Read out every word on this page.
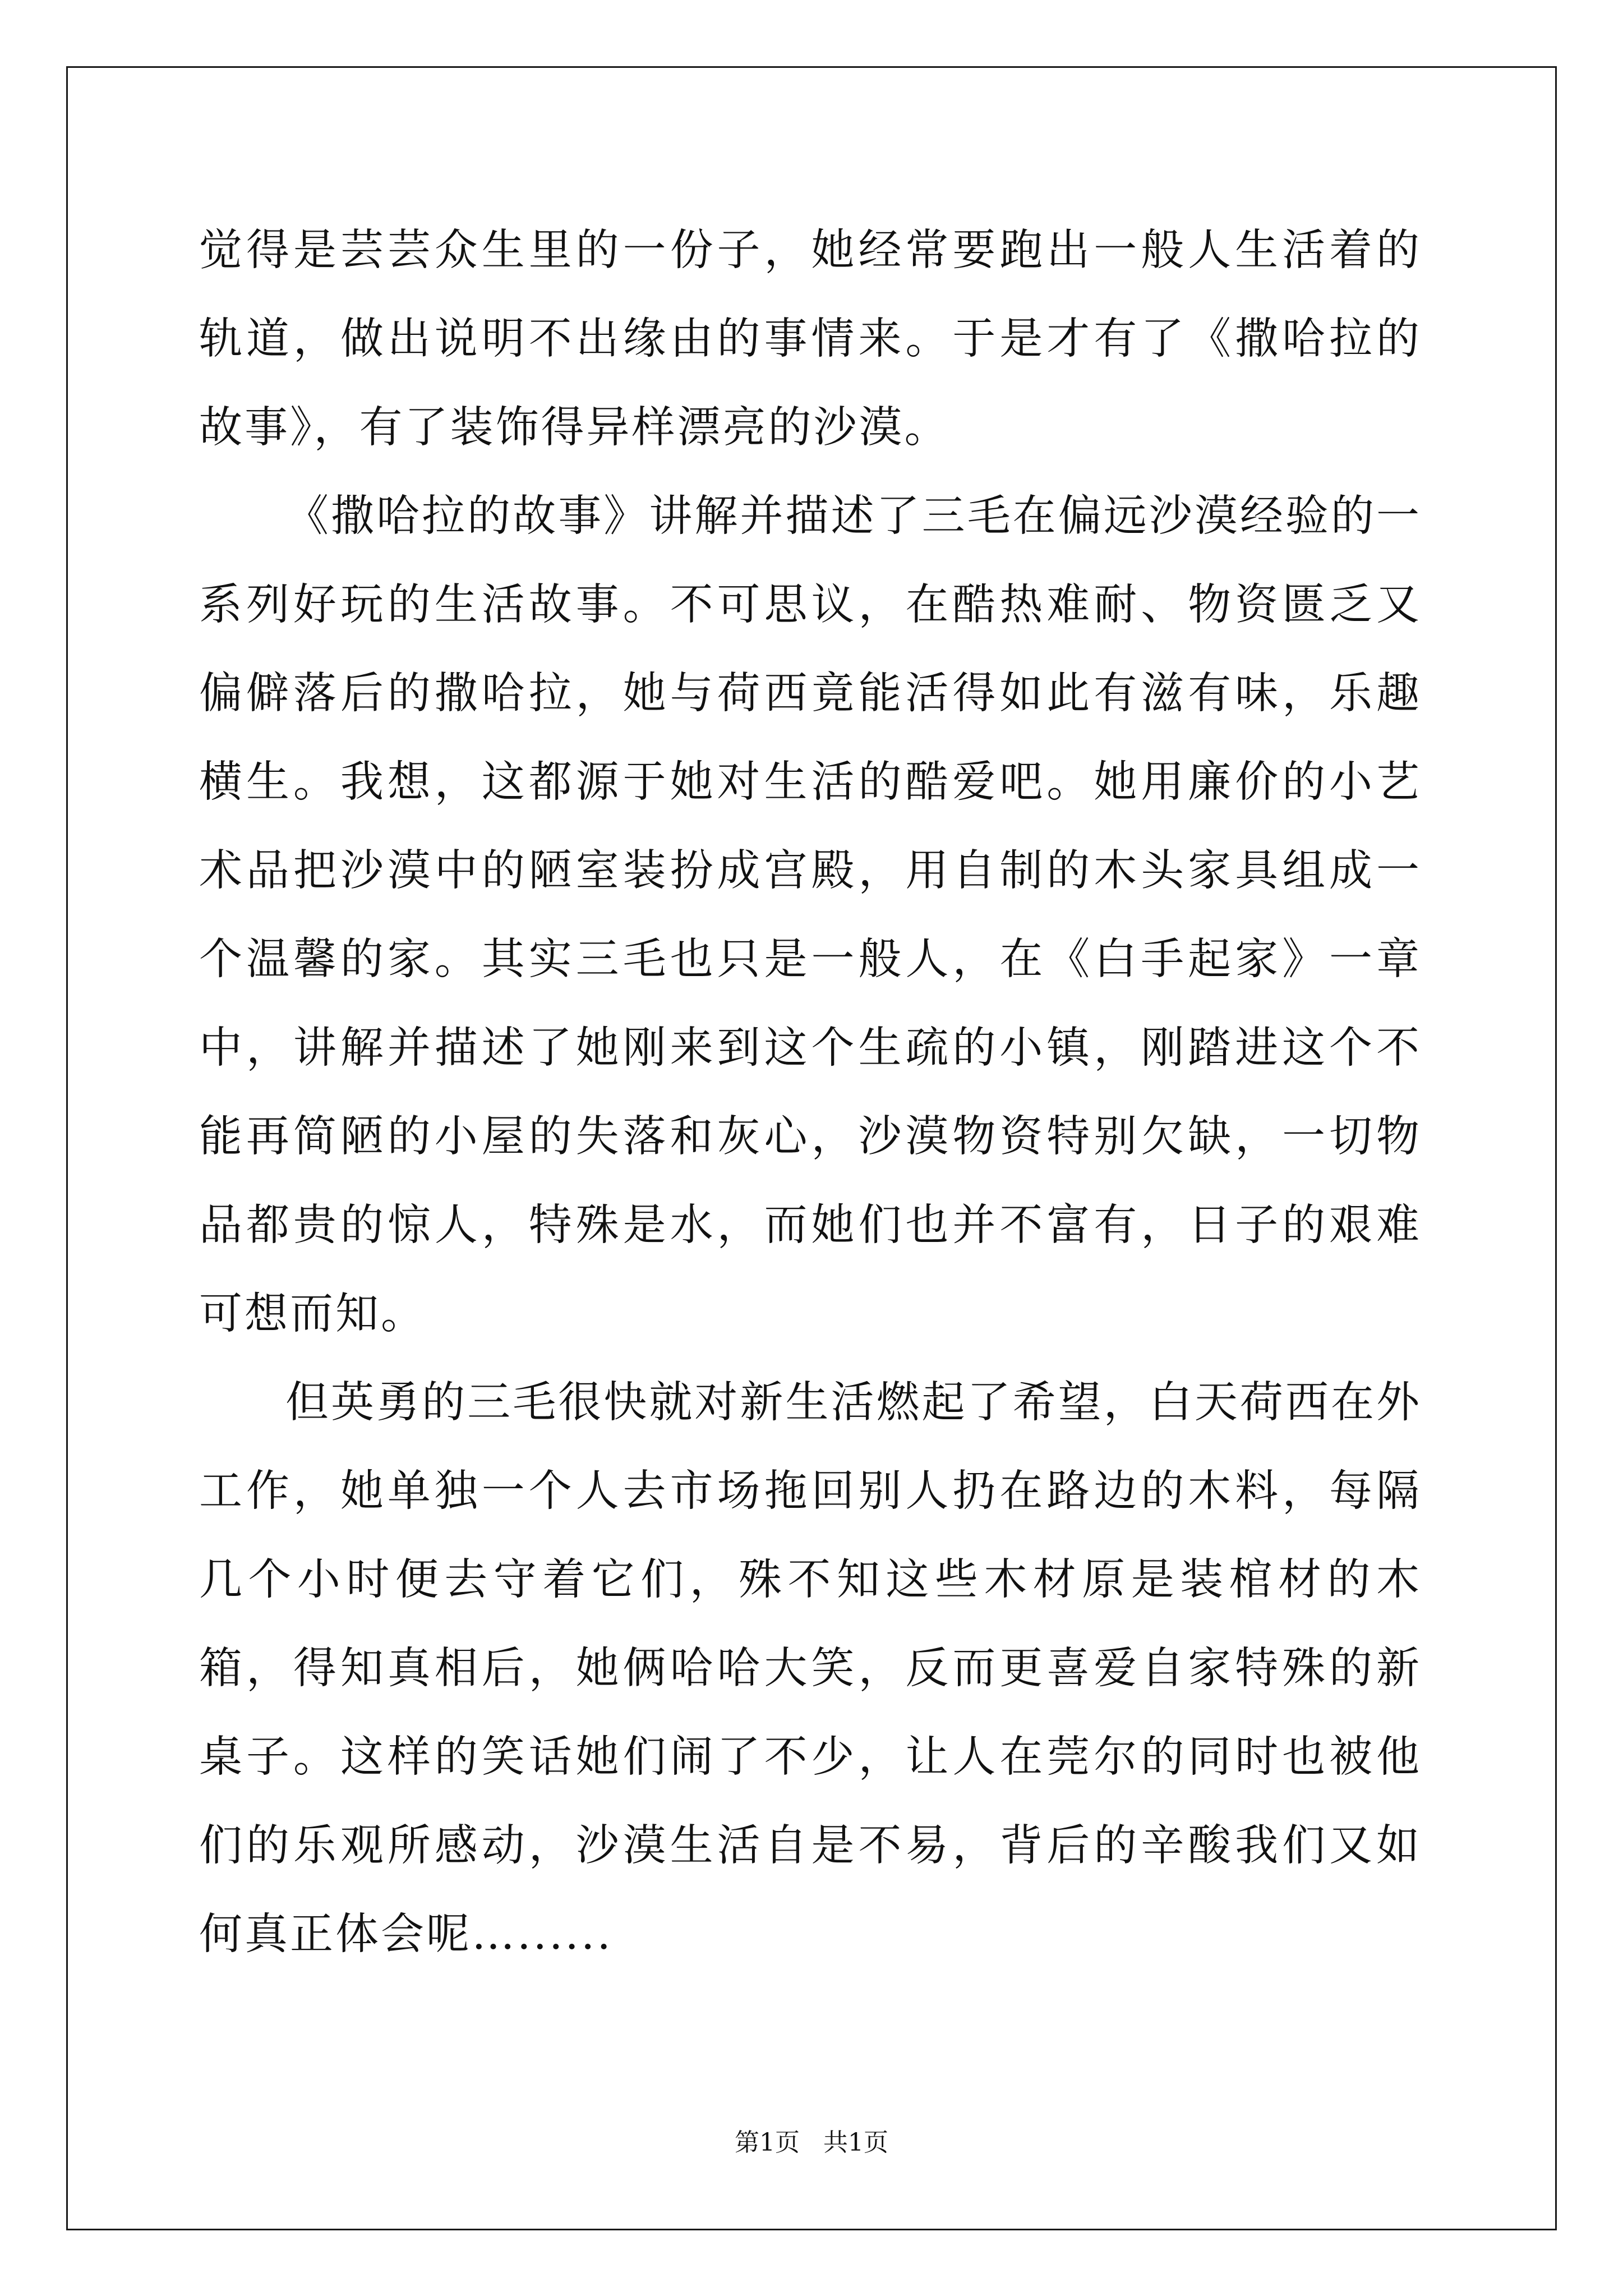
觉得是芸芸众生里的一份子，她经常要跑出一般人生活着的轨道，做出说明不出缘由的事情来。于是才有了《撒哈拉的故事》，有了装饰得异样漂亮的沙漠。

《撒哈拉的故事》讲解并描述了三毛在偏远沙漠经验的一系列好玩的生活故事。不可思议，在酷热难耐、物资匮乏又偏僻落后的撒哈拉，她与荷西竟能活得如此有滋有味，乐趣横生。我想，这都源于她对生活的酷爱吧。她用廉价的小艺术品把沙漠中的陋室装扮成宫殿，用自制的木头家具组成一个温馨的家。其实三毛也只是一般人，在《白手起家》一章中，讲解并描述了她刚来到这个生疏的小镇，刚踏进这个不能再简陋的小屋的失落和灰心，沙漠物资特别欠缺，一切物品都贵的惊人，特殊是水，而她们也并不富有，日子的艰难可想而知。

但英勇的三毛很快就对新生活燃起了希望，白天荷西在外工作，她单独一个人去市场拖回别人扔在路边的木料，每隔几个小时便去守着它们，殊不知这些木材原是装棺材的木箱，得知真相后，她俩哈哈大笑，反而更喜爱自家特殊的新桌子。这样的笑话她们闹了不少，让人在莞尔的同时也被他们的乐观所感动，沙漠生活自是不易，背后的辛酸我们又如何真正体会呢…......

第1页 共1页
